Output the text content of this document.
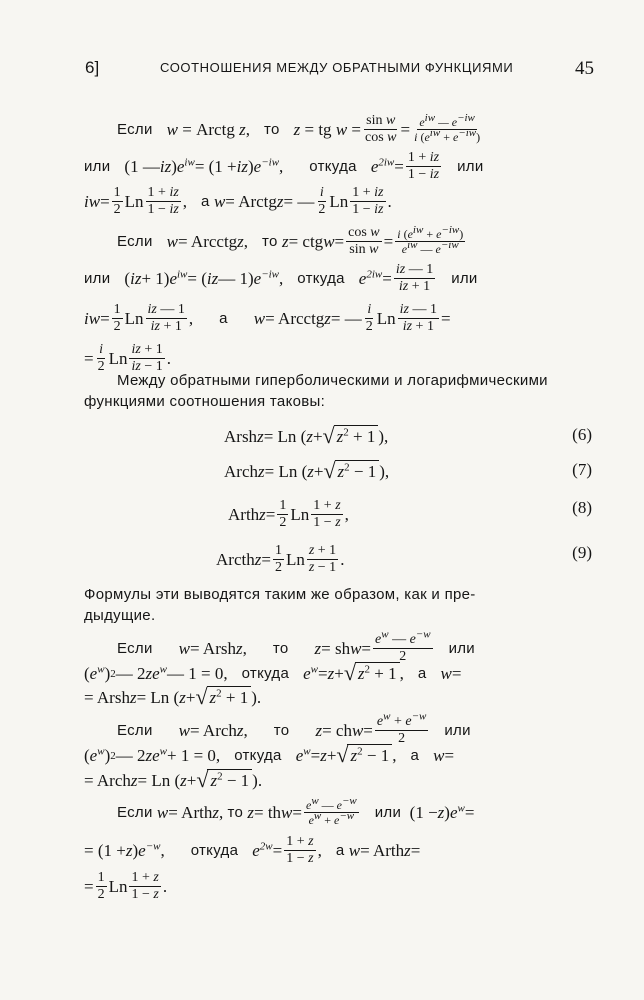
6]	СООТНОШЕНИЯ МЕЖДУ ОБРАТНЫМИ ФУНКЦИЯМИ	45
Если w = Arctg
z , то z = tg
$w = \frac{\text{sin w}}{\text{cos w}} = \frac{e^{iw} — e^{-iw}}{i (e^{iw} + e^{-iw})}$
или (1 — iz ) $e^{iw} = (1$ + iz ) $e^{-iw}$ , откуда $e^{2iw} = \frac{1 + iz}{1 - iz}$ или
iw = $\frac{1}{2}$ Ln $\frac{1 + iz}{1 - iz}$ , а
w = Arctg z = — $\frac{i}{2}$ Ln $\frac{1 + iz}{1 - iz}$ .
Если w = Arcctg z , то
z = ctg $w = \frac{\text{cos w}}{\text{sin w}} = \frac{i (e^{iw} + e^{-iw})}{e^{iw} — e^{-iw}}$
или ( iz + 1) $e^{iw}$ = ( iz — 1) $e^{-iw}$ , откуда $e^{2iw} = \frac{iz — 1}{iz + 1}$ или
iw = $\frac{1}{2}$ Ln $\frac{iz — 1}{iz + 1}$ , а w = Arcctg z = — $\frac{i}{2}$ Ln $\frac{iz — 1}{iz + 1}$ =
= $\frac{i}{2}$ Ln $\frac{iz + 1}{iz - 1}$ .
Между обратными гиперболическими и логарифмическими
функциями соотношения таковы:
Arsh z = Ln ( z + √ $z^2 + 1$ ),	(6)
Arch z = Ln ( z + √ $z^2 - 1$ ),	(7)
Arth $z = \frac{1}{2}$ Ln $\frac{1 + z}{1 - z}$ ,	(8)
Arcth $z = \frac{1}{2}$ Ln $\frac{z + 1}{z - 1}$ .	(9)
Формулы эти выводятся таким же образом, как и пре-
дыдущие.
Если w = Arsh z , то z = sh $w = \frac{e^w — e^{-w}}{2}$ или
( $e^w$ ) 2 — 2 $ze^w$ — 1 = 0, откуда $e^w = z$ + √ $z^2 + 1$ , а w =
= Arsh z = Ln ( z + √ $z^2 + 1$ ).
Если w = Arch z , то z = ch $w = \frac{e^w + e^{-w}}{2}$ или
( $e^w$ ) 2 — 2 $ze^w + 1 = 0$, откуда $e^w = z$ + √ $z^2 - 1$ , а w =
= Arch z = Ln ( z + √ $z^2 - 1$ ).
Если
w = Arth z , то
z = th $w = \frac{e^w — e^{-w}}{e^w + e^{-w}}$ или (1 − z ) $e^w$ =
= (1 + z ) $e^{-w}$ , откуда $e^{2w} = \frac{1 + z}{1 - z}$ , а
w = Arth z =
= $\frac{1}{2}$ Ln $\frac{1 + z}{1 - z}$ .
